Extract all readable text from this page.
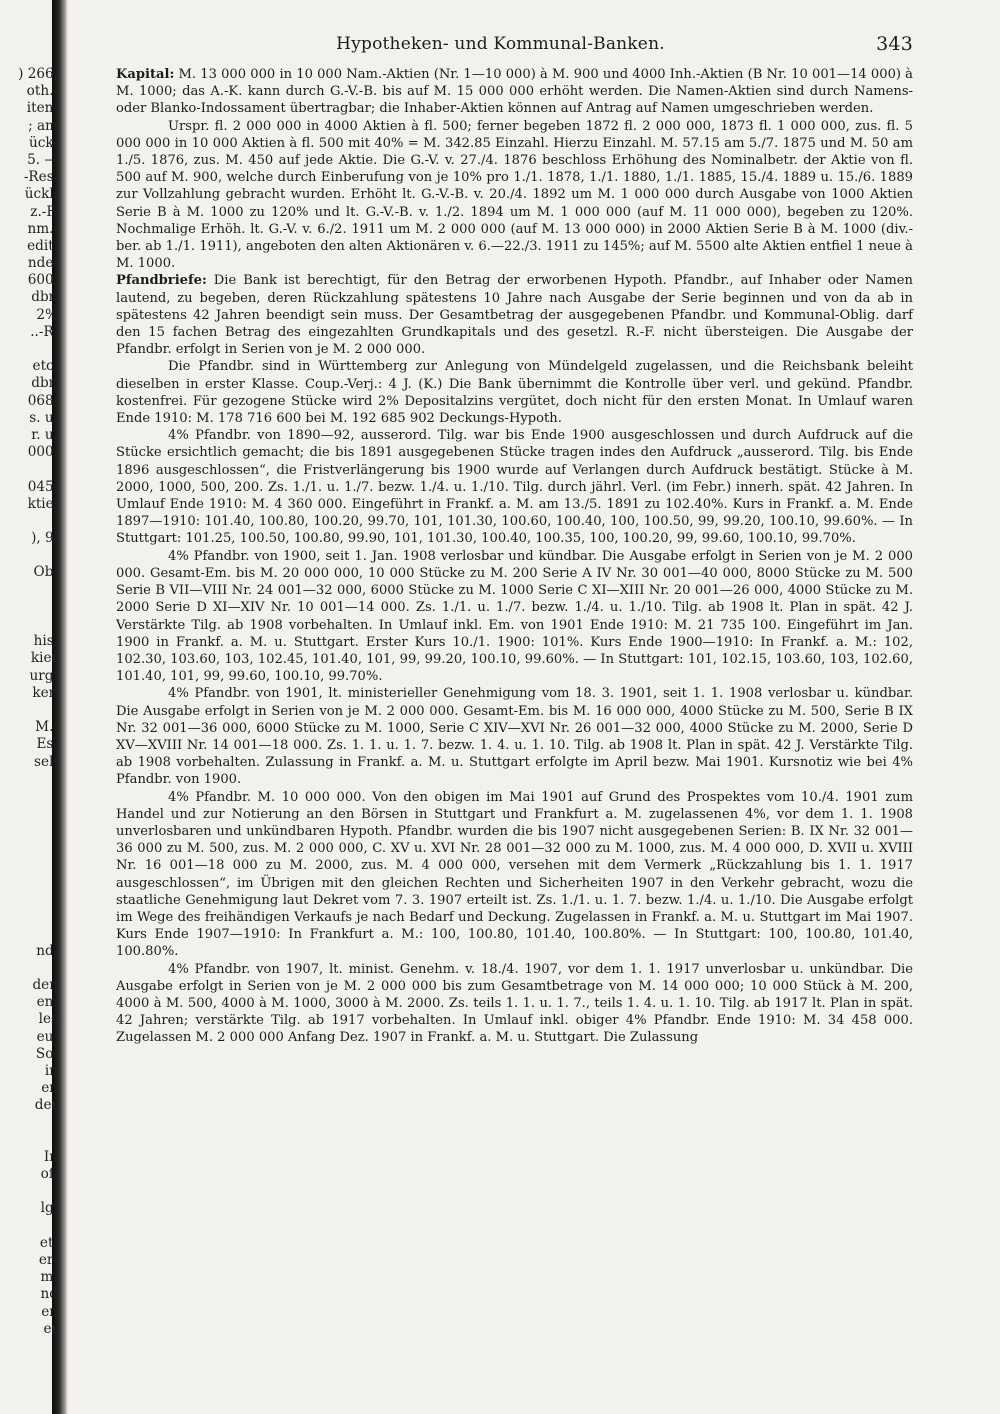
) 266,
oth.-
iten-
; am
ück-
5. —
-Res.
ückl.
z.-F.
nm.-
edit.
nde-
600,
dbr.
2%
..-R.
etc.
dbr.
068,
s. u.
r. u.
000.
045,
ktie,
), 9,
Ob-
his,
kier
urg:
ker,
M.:
Es-
sel:
nd.
den
en:
les
eu-
So-
in
en
der
In
of-
lg.
et:
er-
m-
nd
en
er
Hypotheken- und Kommunal-Banken.	343

Kapital: M. 13 000 000 in 10 000 Nam.-Aktien (Nr. 1—10 000) à M. 900 und 4000 Inh.-Aktien (B Nr. 10 001—14 000) à M. 1000; das A.-K. kann durch G.-V.-B. bis auf M. 15 000 000 erhöht werden. Die Namen-Aktien sind durch Namens- oder Blanko-Indossament übertragbar; die Inhaber-Aktien können auf Antrag auf Namen umgeschrieben werden.

Urspr. fl. 2 000 000 in 4000 Aktien à fl. 500; ferner begeben 1872 fl. 2 000 000, 1873 fl. 1 000 000, zus. fl. 5 000 000 in 10 000 Aktien à fl. 500 mit 40% = M. 342.85 Einzahl. Hierzu Einzahl. M. 57.15 am 5./7. 1875 und M. 50 am 1./5. 1876, zus. M. 450 auf jede Aktie. Die G.-V. v. 27./4. 1876 beschloss Erhöhung des Nominalbetr. der Aktie von fl. 500 auf M. 900, welche durch Einberufung von je 10% pro 1./1. 1878, 1./1. 1880, 1./1. 1885, 15./4. 1889 u. 15./6. 1889 zur Vollzahlung gebracht wurden. Erhöht lt. G.-V.-B. v. 20./4. 1892 um M. 1 000 000 durch Ausgabe von 1000 Aktien Serie B à M. 1000 zu 120% und lt. G.-V.-B. v. 1./2. 1894 um M. 1 000 000 (auf M. 11 000 000), begeben zu 120%. Nochmalige Erhöh. lt. G.-V. v. 6./2. 1911 um M. 2 000 000 (auf M. 13 000 000) in 2000 Aktien Serie B à M. 1000 (div.-ber. ab 1./1. 1911), angeboten den alten Aktionären v. 6.—22./3. 1911 zu 145%; auf M. 5500 alte Aktien entfiel 1 neue à M. 1000.

Pfandbriefe: Die Bank ist berechtigt, für den Betrag der erworbenen Hypoth. Pfandbr., auf Inhaber oder Namen lautend, zu begeben, deren Rückzahlung spätestens 10 Jahre nach Ausgabe der Serie beginnen und von da ab in spätestens 42 Jahren beendigt sein muss. Der Gesamtbetrag der ausgegebenen Pfandbr. und Kommunal-Oblig. darf den 15 fachen Betrag des eingezahlten Grundkapitals und des gesetzl. R.-F. nicht übersteigen. Die Ausgabe der Pfandbr. erfolgt in Serien von je M. 2 000 000.

Die Pfandbr. sind in Württemberg zur Anlegung von Mündelgeld zugelassen, und die Reichsbank beleiht dieselben in erster Klasse. Coup.-Verj.: 4 J. (K.) Die Bank übernimmt die Kontrolle über verl. und gekünd. Pfandbr. kostenfrei. Für gezogene Stücke wird 2% Depositalzins vergütet, doch nicht für den ersten Monat. In Umlauf waren Ende 1910: M. 178 716 600 bei M. 192 685 902 Deckungs-Hypoth.

4% Pfandbr. von 1890—92, ausserord. Tilg. war bis Ende 1900 ausgeschlossen und durch Aufdruck auf die Stücke ersichtlich gemacht; die bis 1891 ausgegebenen Stücke tragen indes den Aufdruck „ausserord. Tilg. bis Ende 1896 ausgeschlossen“, die Fristverlängerung bis 1900 wurde auf Verlangen durch Aufdruck bestätigt. Stücke à M. 2000, 1000, 500, 200. Zs. 1./1. u. 1./7. bezw. 1./4. u. 1./10. Tilg. durch jährl. Verl. (im Febr.) innerh. spät. 42 Jahren. In Umlauf Ende 1910: M. 4 360 000. Eingeführt in Frankf. a. M. am 13./5. 1891 zu 102.40%. Kurs in Frankf. a. M. Ende 1897—1910: 101.40, 100.80, 100.20, 99.70, 101, 101.30, 100.60, 100.40, 100, 100.50, 99, 99.20, 100.10, 99.60%. — In Stuttgart: 101.25, 100.50, 100.80, 99.90, 101, 101.30, 100.40, 100.35, 100, 100.20, 99, 99.60, 100.10, 99.70%.

4% Pfandbr. von 1900, seit 1. Jan. 1908 verlosbar und kündbar. Die Ausgabe erfolgt in Serien von je M. 2 000 000. Gesamt-Em. bis M. 20 000 000, 10 000 Stücke zu M. 200 Serie A IV Nr. 30 001—40 000, 8000 Stücke zu M. 500 Serie B VII—VIII Nr. 24 001—32 000, 6000 Stücke zu M. 1000 Serie C XI—XIII Nr. 20 001—26 000, 4000 Stücke zu M. 2000 Serie D XI—XIV Nr. 10 001—14 000. Zs. 1./1. u. 1./7. bezw. 1./4. u. 1./10. Tilg. ab 1908 lt. Plan in spät. 42 J. Verstärkte Tilg. ab 1908 vorbehalten. In Umlauf inkl. Em. von 1901 Ende 1910: M. 21 735 100. Eingeführt im Jan. 1900 in Frankf. a. M. u. Stuttgart. Erster Kurs 10./1. 1900: 101%. Kurs Ende 1900—1910: In Frankf. a. M.: 102, 102.30, 103.60, 103, 102.45, 101.40, 101, 99, 99.20, 100.10, 99.60%. — In Stuttgart: 101, 102.15, 103.60, 103, 102.60, 101.40, 101, 99, 99.60, 100.10, 99.70%.

4% Pfandbr. von 1901, lt. ministerieller Genehmigung vom 18. 3. 1901, seit 1. 1. 1908 verlosbar u. kündbar. Die Ausgabe erfolgt in Serien von je M. 2 000 000. Gesamt-Em. bis M. 16 000 000, 4000 Stücke zu M. 500, Serie B IX Nr. 32 001—36 000, 6000 Stücke zu M. 1000, Serie C XIV—XVI Nr. 26 001—32 000, 4000 Stücke zu M. 2000, Serie D XV—XVIII Nr. 14 001—18 000. Zs. 1. 1. u. 1. 7. bezw. 1. 4. u. 1. 10. Tilg. ab 1908 lt. Plan in spät. 42 J. Verstärkte Tilg. ab 1908 vorbehalten. Zulassung in Frankf. a. M. u. Stuttgart erfolgte im April bezw. Mai 1901. Kursnotiz wie bei 4% Pfandbr. von 1900.

4% Pfandbr. M. 10 000 000. Von den obigen im Mai 1901 auf Grund des Prospektes vom 10./4. 1901 zum Handel und zur Notierung an den Börsen in Stuttgart und Frankfurt a. M. zugelassenen 4%, vor dem 1. 1. 1908 unverlosbaren und unkündbaren Hypoth. Pfandbr. wurden die bis 1907 nicht ausgegebenen Serien: B. IX Nr. 32 001—36 000 zu M. 500, zus. M. 2 000 000, C. XV u. XVI Nr. 28 001—32 000 zu M. 1000, zus. M. 4 000 000, D. XVII u. XVIII Nr. 16 001—18 000 zu M. 2000, zus. M. 4 000 000, versehen mit dem Vermerk „Rückzahlung bis 1. 1. 1917 ausgeschlossen“, im Übrigen mit den gleichen Rechten und Sicherheiten 1907 in den Verkehr gebracht, wozu die staatliche Genehmigung laut Dekret vom 7. 3. 1907 erteilt ist. Zs. 1./1. u. 1. 7. bezw. 1./4. u. 1./10. Die Ausgabe erfolgt im Wege des freihändigen Verkaufs je nach Bedarf und Deckung. Zugelassen in Frankf. a. M. u. Stuttgart im Mai 1907. Kurs Ende 1907—1910: In Frankfurt a. M.: 100, 100.80, 101.40, 100.80%. — In Stuttgart: 100, 100.80, 101.40, 100.80%.

4% Pfandbr. von 1907, lt. minist. Genehm. v. 18./4. 1907, vor dem 1. 1. 1917 unverlosbar u. unkündbar. Die Ausgabe erfolgt in Serien von je M. 2 000 000 bis zum Gesamtbetrage von M. 14 000 000; 10 000 Stück à M. 200, 4000 à M. 500, 4000 à M. 1000, 3000 à M. 2000. Zs. teils 1. 1. u. 1. 7., teils 1. 4. u. 1. 10. Tilg. ab 1917 lt. Plan in spät. 42 Jahren; verstärkte Tilg. ab 1917 vorbehalten. In Umlauf inkl. obiger 4% Pfandbr. Ende 1910: M. 34 458 000. Zugelassen M. 2 000 000 Anfang Dez. 1907 in Frankf. a. M. u. Stuttgart. Die Zulassung
